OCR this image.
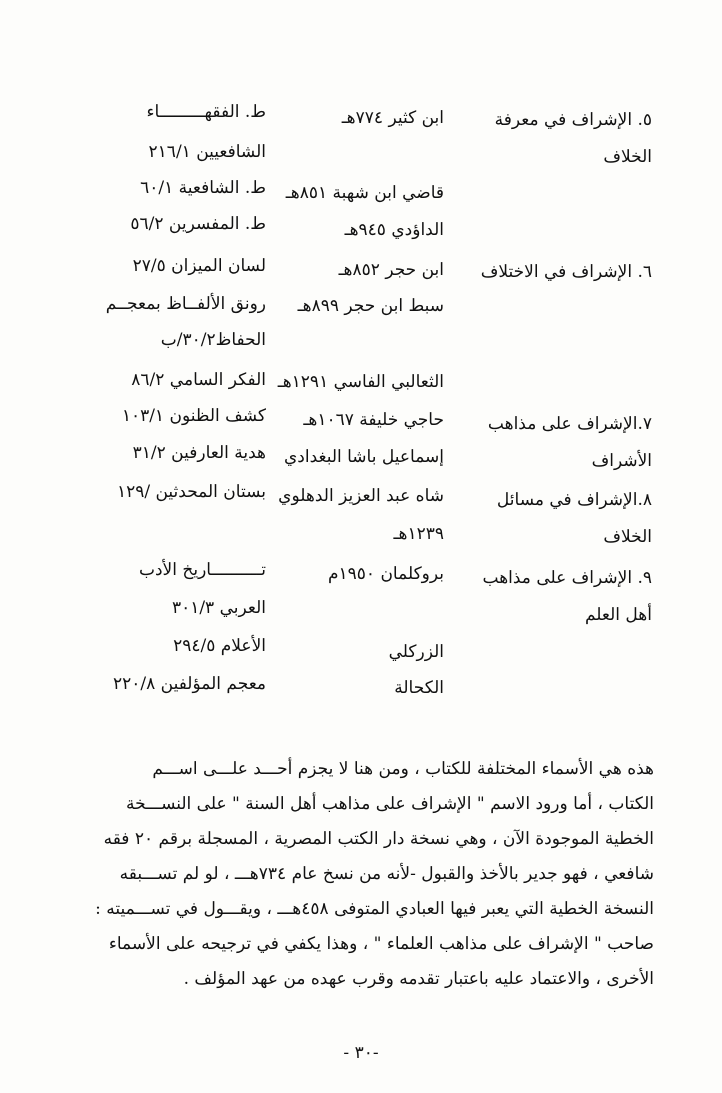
٥. الإشراف في معرفة
الخلاف
ابن كثير ٧٧٤هـ
قاضي ابن شهبة ٨٥١هـ
الداؤدي ٩٤٥هـ
ط. الفقهـــــــــاء
الشافعيين ٢١٦/١
ط. الشافعية ٦٠/١
ط. المفسرين ٥٦/٢
٦. الإشراف في الاختلاف
ابن حجر ٨٥٢هـ
سبط ابن حجر ٨٩٩هـ
الثعالبي الفاسي ١٢٩١هـ
لسان الميزان ٢٧/٥
رونق الألفــاظ بمعجــم
الحفاظ٣٠/٢/ب
الفكر السامي ٨٦/٢
٧.الإشراف على مذاهب
الأشراف
حاجي خليفة ١٠٦٧هـ
إسماعيل باشا البغدادي
كشف الظنون ١٠٣/١
هدية العارفين ٣١/٢
٨.الإشراف في مسائل
الخلاف
شاه عبد العزيز الدهلوي
١٢٣٩هـ
بستان المحدثين /١٢٩
٩. الإشراف على مذاهب
أهل العلم
بروكلمان ١٩٥٠م
الزركلي
الكحالة
تــــــــــاريخ الأدب
العربي ٣٠١/٣
الأعلام ٢٩٤/٥
معجم المؤلفين ٢٢٠/٨
هذه هي الأسماء المختلفة للكتاب ، ومن هنا لا يجزم أحـــد علـــى اســـم
الكتاب ، أما ورود الاسم " الإشراف على مذاهب أهل السنة " على النســـخة
الخطية الموجودة الآن ، وهي نسخة دار الكتب المصرية ، المسجلة برقم ٢٠ فقه
شافعي ، فهو جدير بالأخذ والقبول -لأنه من نسخ عام ٧٣٤هـــ ، لو لم تســـبقه
النسخة الخطية التي يعبر فيها العبادي المتوفى ٤٥٨هـــ ، ويقـــول في تســـميته :
صاحب " الإشراف على مذاهب العلماء " ، وهذا يكفي في ترجيحه على الأسماء
الأخرى ، والاعتماد عليه باعتبار تقدمه وقرب عهده من عهد المؤلف .
-٣٠ -
